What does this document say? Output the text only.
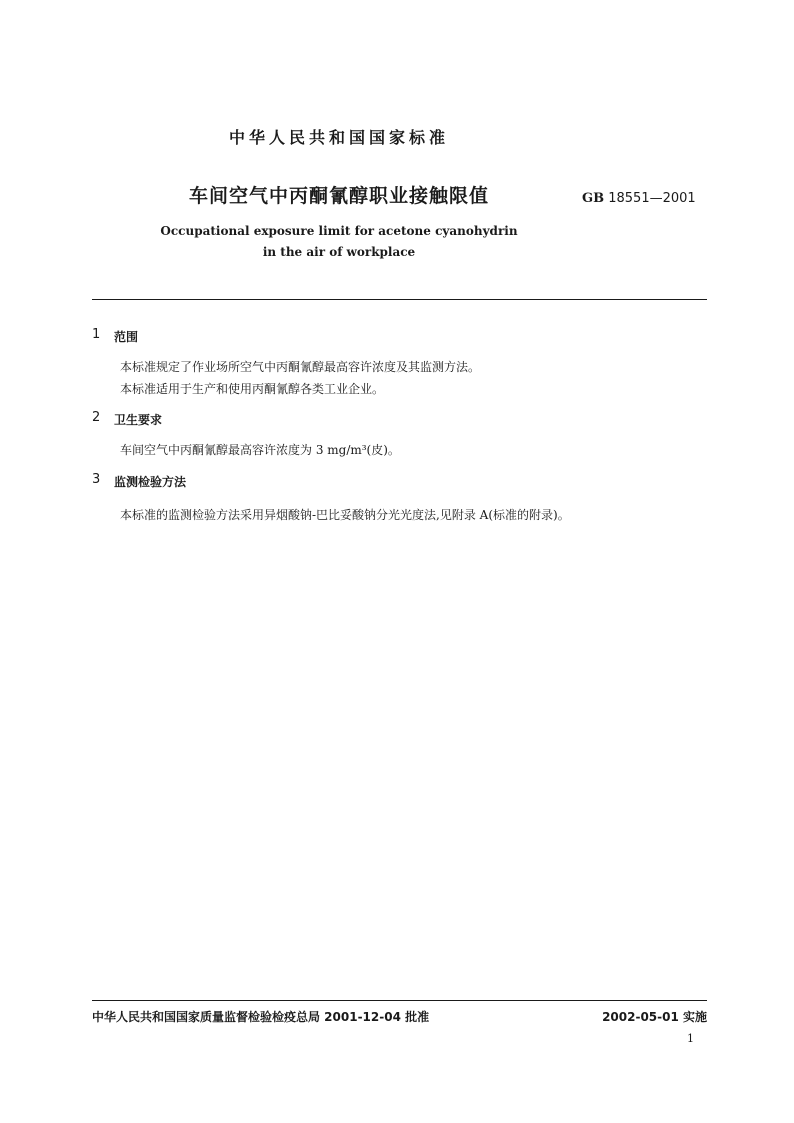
中华人民共和国国家标准
车间空气中丙酮氰醇职业接触限值	GB 18551—2001
Occupational exposure limit for acetone cyanohydrin
in the air of workplace
1 范围
本标准规定了作业场所空气中丙酮氰醇最高容许浓度及其监测方法。
本标准适用于生产和使用丙酮氰醇各类工业企业。
2 卫生要求
车间空气中丙酮氰醇最高容许浓度为 3 mg/m³(皮)。
3 监测检验方法
本标准的监测检验方法采用异烟酸钠-巴比妥酸钠分光光度法,见附录 A(标准的附录)。
中华人民共和国国家质量监督检验检疫总局 2001-12-04 批准	2002-05-01 实施
1
